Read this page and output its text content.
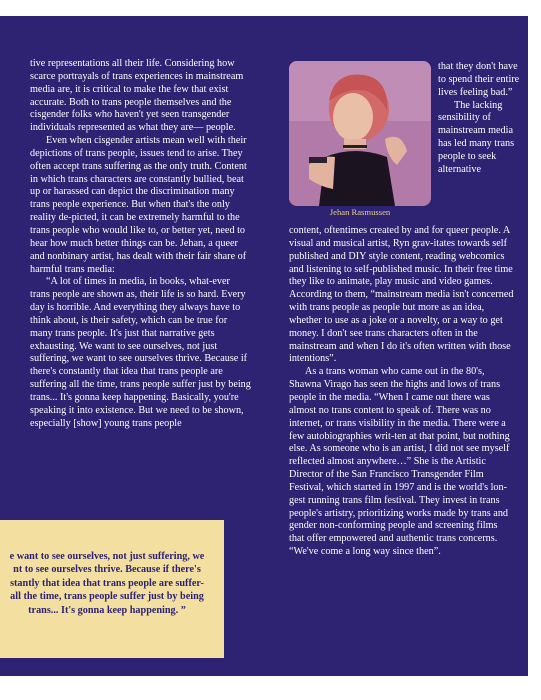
tive representations all their life. Considering how scarce portrayals of trans experiences in mainstream media are, it is critical to make the few that exist accurate. Both to trans people themselves and the cisgender folks who haven't yet seen transgender individuals represented as what they are— people.

Even when cisgender artists mean well with their depictions of trans people, issues tend to arise. They often accept trans suffering as the only truth. Content in which trans characters are constantly bullied, beat up or harassed can depict the discrimination many trans people experience. But when that's the only reality de-picted, it can be extremely harmful to the trans people who would like to, or better yet, need to hear how much better things can be. Jehan, a queer and nonbinary artist, has dealt with their fair share of harmful trans media:

“A lot of times in media, in books, what-ever trans people are shown as, their life is so hard. Every day is horrible. And everything they always have to think about, is their safety, which can be true for many trans people. It's just that narrative gets exhausting. We want to see ourselves, not just suffering, we want to see ourselves thrive. Because if there's constantly that idea that trans people are suffering all the time, trans people suffer just by being trans... It's gonna keep happening. Basically, you're speaking it into existence. But we need to be shown, especially [show] young trans people

Jehan Rasmussen

that they don't have to spend their entire lives feeling bad.”

The lacking sensibility of mainstream media has led many trans people to seek alternative

content, oftentimes created by and for queer people. A visual and musical artist, Ryn grav-itates towards self published and DIY style content, reading webcomics and listening to self-published music. In their free time they like to animate, play music and video games. According to them, “mainstream media isn't concerned with trans people as people but more as an idea, whether to use as a joke or a novelty, or a way to get money. I don't see trans characters often in the mainstream and when I do it's often written with those intentions”.

As a trans woman who came out in the 80's, Shawna Virago has seen the highs and lows of trans people in the media. “When I came out there was almost no trans content to speak of. There was no internet, or trans visibility in the media. There were a few autobiographies writ-ten at that point, but nothing else. As someone who is an artist, I did not see myself reflected almost anywhere…” She is the Artistic Director of the San Francisco Transgender Film Festival, which started in 1997 and is the world's lon-gest running trans film festival. They invest in trans people's artistry, prioritizing works made by trans and gender non-conforming people and screening films that offer empowered and authentic trans concerns. “We've come a long way since then”.

e want to see ourselves, not just suffering, we
nt to see ourselves thrive. Because if there's
stantly that idea that trans people are suffer-
all the time, trans people suffer just by being
trans... It's gonna keep happening. ”
